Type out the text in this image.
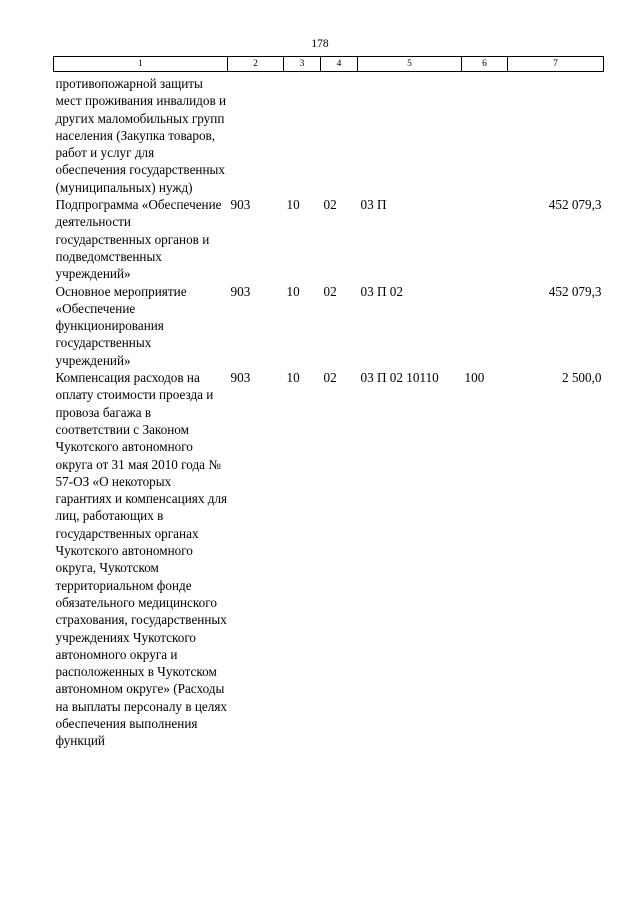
178
1	2	3	4	5	6	7
противопожарной защиты мест проживания инвалидов и других маломобильных групп населения (Закупка товаров, работ и услуг для обеспечения государственных (муниципальных) нужд)						
Подпрограмма «Обеспечение деятельности государственных органов и подведомственных учреждений»	903	10	02	03 П		452 079,3
Основное мероприятие «Обеспечение функционирования государственных учреждений»	903	10	02	03 П 02		452 079,3
Компенсация расходов на оплату стоимости проезда и провоза багажа в соответствии с Законом Чукотского автономного округа от 31 мая 2010 года № 57-ОЗ «О некоторых гарантиях и компенсациях для лиц, работающих в государственных органах Чукотского автономного округа, Чукотском территориальном фонде обязательного медицинского страхования, государственных учреждениях Чукотского автономного округа и расположенных в Чукотском автономном округе» (Расходы на выплаты персоналу в целях обеспечения выполнения функций	903	10	02	03 П 02 10110	100	2 500,0
